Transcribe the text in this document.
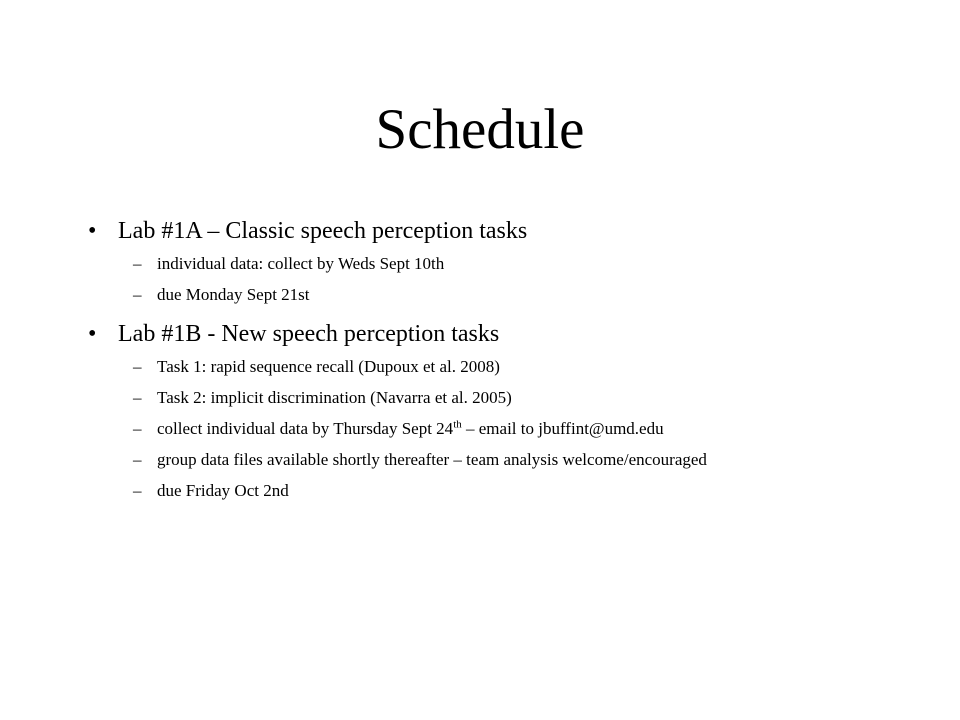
Schedule
• Lab #1A – Classic speech perception tasks
– individual data: collect by Weds Sept 10th
– due Monday Sept 21st
• Lab #1B - New speech perception tasks
– Task 1: rapid sequence recall (Dupoux et al. 2008)
– Task 2: implicit discrimination (Navarra et al. 2005)
– collect individual data by Thursday Sept 24th – email to jbuffint@umd.edu
– group data files available shortly thereafter – team analysis welcome/encouraged
– due Friday Oct 2nd
